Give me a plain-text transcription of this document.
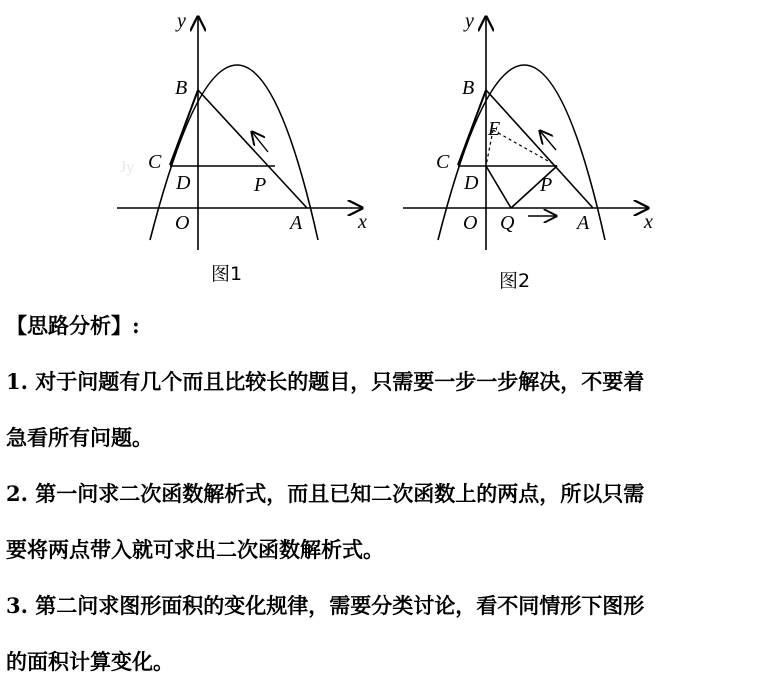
Jy
y
x
B
C
D	P
O	A
图1
y
x
B
E
C
D	P
O Q	A
图2
【思路分析】:
1. 对于问题有几个而且比较长的题目，只需要一步一步解决，不要着
急看所有问题。
2. 第一问求二次函数解析式，而且已知二次函数上的两点，所以只需
要将两点带入就可求出二次函数解析式。
3. 第二问求图形面积的变化规律，需要分类讨论，看不同情形下图形
的面积计算变化。
